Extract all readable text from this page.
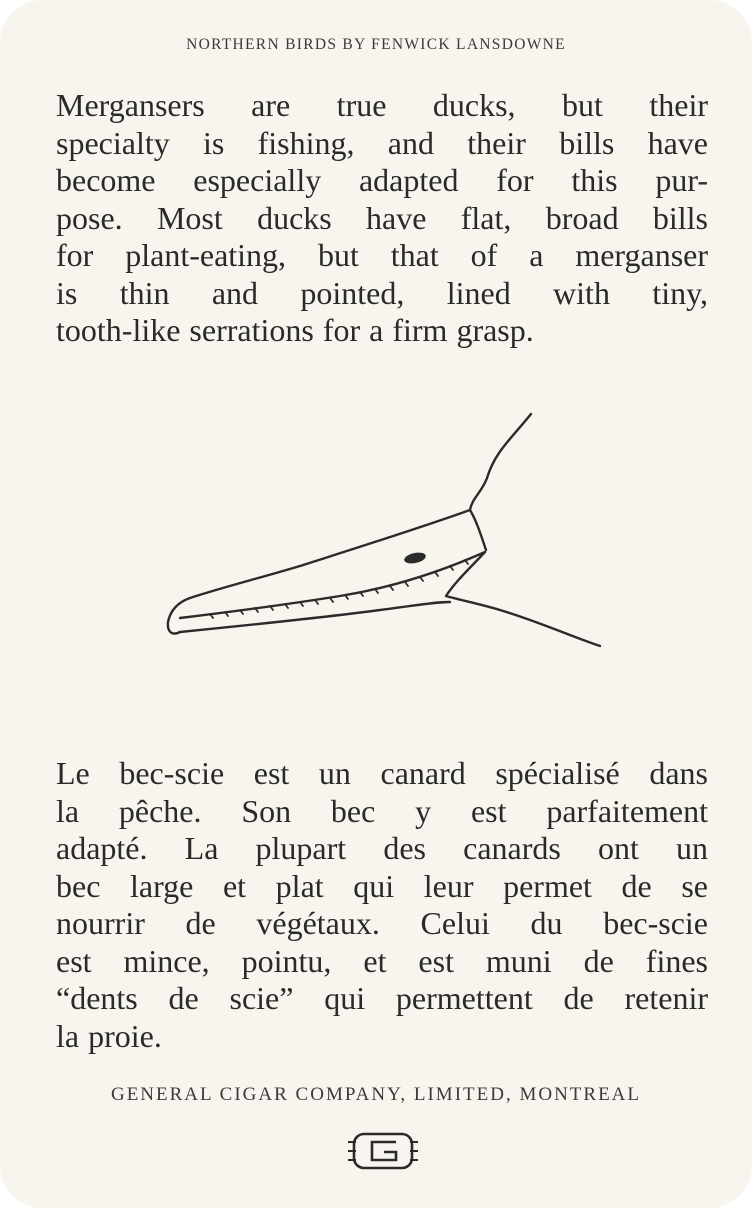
NORTHERN BIRDS BY FENWICK LANSDOWNE
Mergansers are true ducks, but their
specialty is fishing, and their bills have
become especially adapted for this pur-
pose. Most ducks have flat, broad bills
for plant-eating, but that of a merganser
is thin and pointed, lined with tiny,
tooth-like serrations for a firm grasp.
Le bec-scie est un canard spécialisé dans
la pêche. Son bec y est parfaitement
adapté. La plupart des canards ont un
bec large et plat qui leur permet de se
nourrir de végétaux. Celui du bec-scie
est mince, pointu, et est muni de fines
“dents de scie” qui permettent de retenir
la proie.
GENERAL CIGAR COMPANY, LIMITED, MONTREAL
